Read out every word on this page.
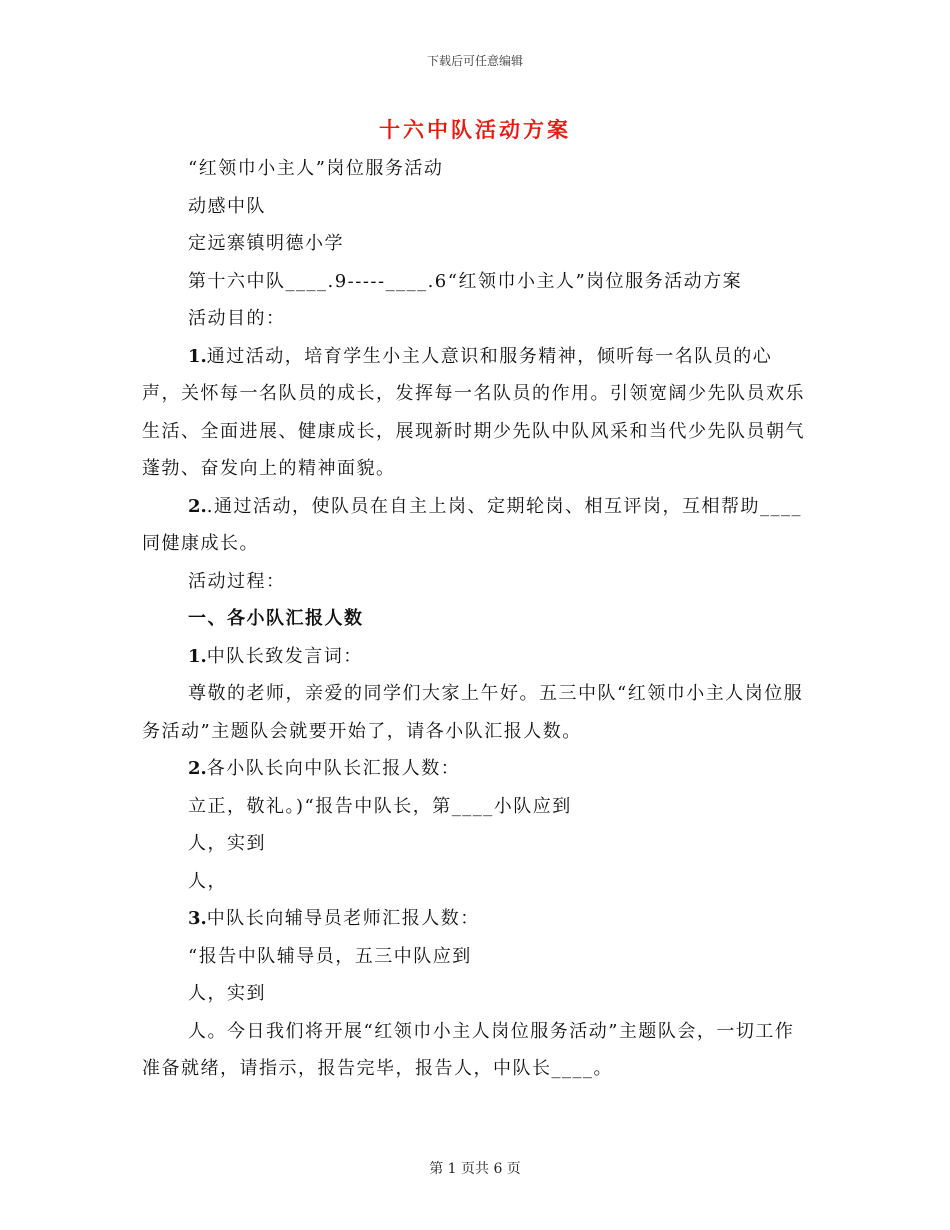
下载后可任意编辑
十六中队活动方案

“红领巾小主人”岗位服务活动

动感中队

定远寨镇明德小学

第十六中队____.9-----____.6“红领巾小主人”岗位服务活动方案

活动目的：

1.通过活动，培育学生小主人意识和服务精神，倾听每一名队员的心声，关怀每一名队员的成长，发挥每一名队员的作用。引领宽阔少先队员欢乐生活、全面进展、健康成长，展现新时期少先队中队风采和当代少先队员朝气蓬勃、奋发向上的精神面貌。

2..通过活动，使队员在自主上岗、定期轮岗、相互评岗，互相帮助____同健康成长。

活动过程：

一、各小队汇报人数

1.中队长致发言词：

尊敬的老师，亲爱的同学们大家上午好。五三中队“红领巾小主人岗位服务活动”主题队会就要开始了，请各小队汇报人数。

2.各小队长向中队长汇报人数：

立正，敬礼。)“报告中队长，第____小队应到

人，实到

人，

3.中队长向辅导员老师汇报人数：

“报告中队辅导员，五三中队应到

人，实到

人。今日我们将开展“红领巾小主人岗位服务活动”主题队会，一切工作准备就绪，请指示，报告完毕，报告人，中队长____。

第 1 页共 6 页
